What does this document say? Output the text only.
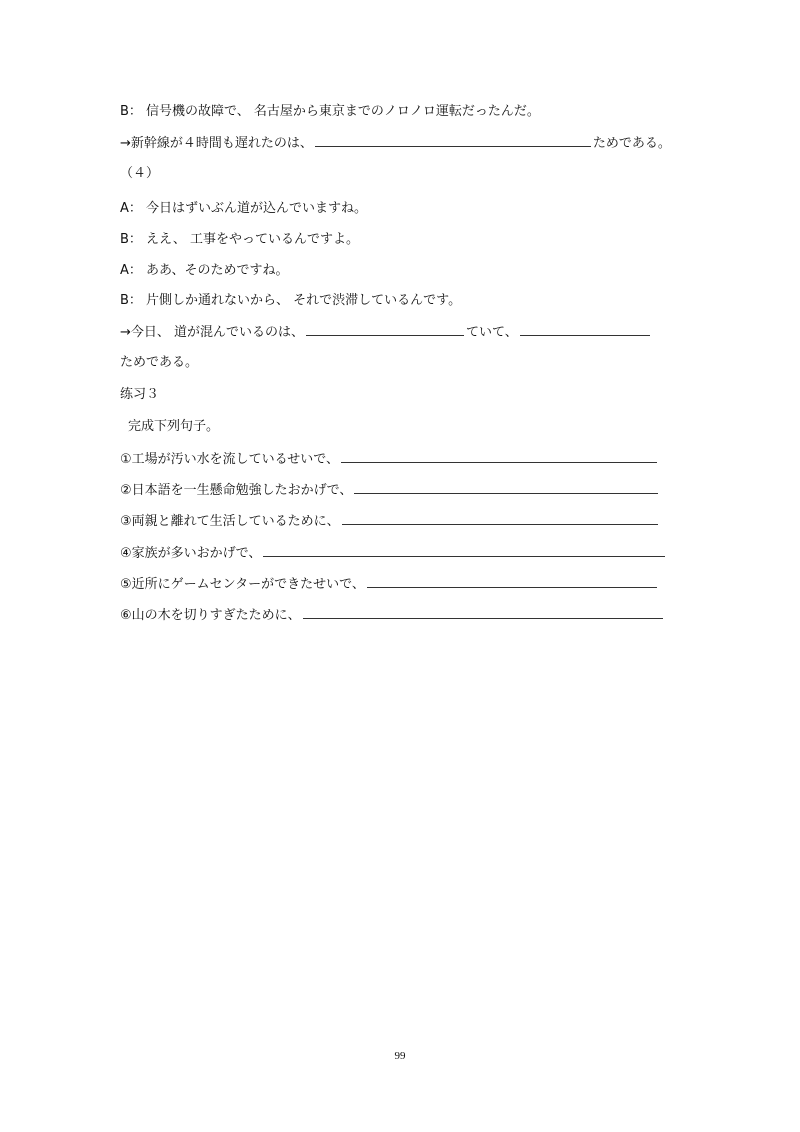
B： 信号機の故障で、 名古屋から東京までのノロノロ運転だったんだ。
→新幹線が４時間も遅れたのは、	ためである。
（４）
A： 今日はずいぶん道が込んでいますね。
B： ええ、 工事をやっているんですよ。
A： ああ、そのためですね。
B： 片側しか通れないから、 それで渋滞しているんです。
→今日、 道が混んでいるのは、	ていて、
ためである。
练习３
完成下列句子。
①工場が汚い水を流しているせいで、
②日本語を一生懸命勉強したおかげで、
③両親と離れて生活しているために、
④家族が多いおかげで、
⑤近所にゲームセンターができたせいで、
⑥山の木を切りすぎたために、
99
